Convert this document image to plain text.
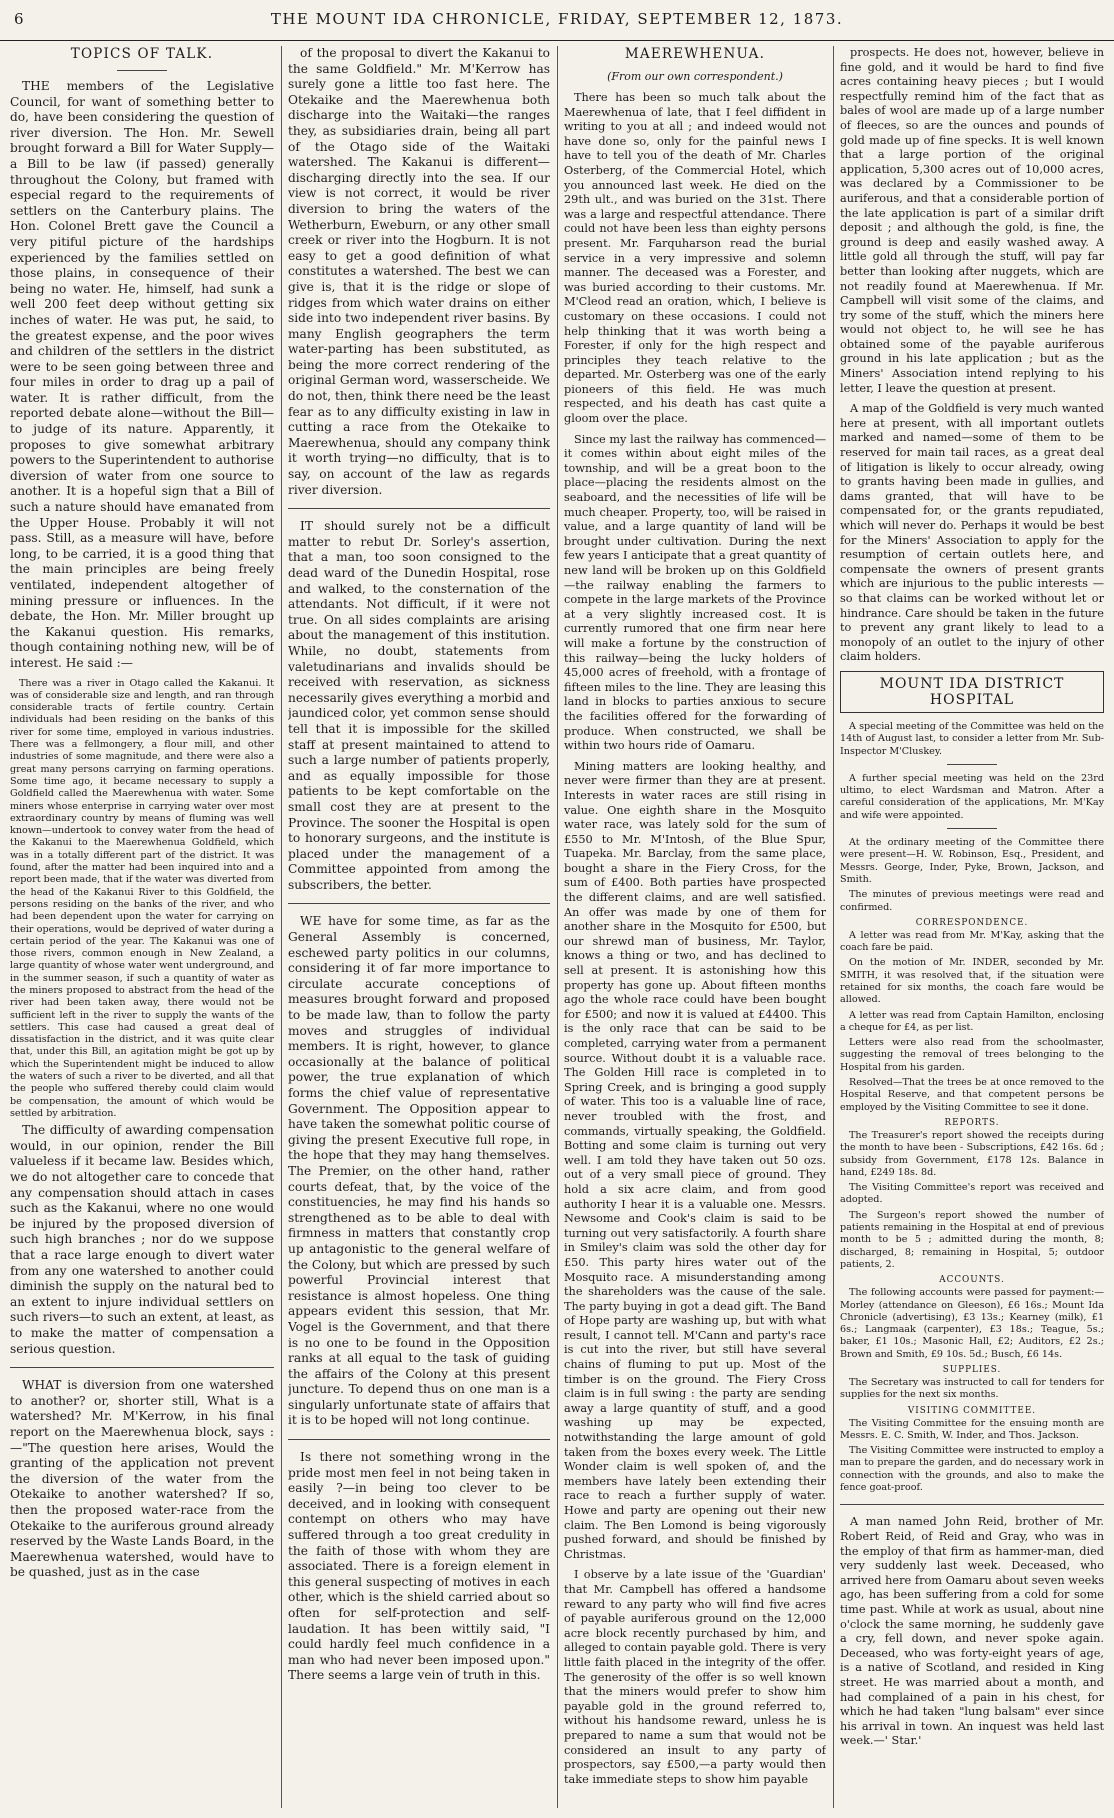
6	THE MOUNT IDA CHRONICLE, FRIDAY, SEPTEMBER 12, 1873.
TOPICS OF TALK.

THE members of the Legislative Council, for want of something better to do, have been considering the question of river diversion. The Hon. Mr. Sewell brought forward a Bill for Water Supply—a Bill to be law (if passed) generally throughout the Colony, but framed with especial regard to the requirements of settlers on the Canterbury plains. The Hon. Colonel Brett gave the Council a very pitiful picture of the hardships experienced by the families settled on those plains, in consequence of their being no water. He, himself, had sunk a well 200 feet deep without getting six inches of water. He was put, he said, to the greatest expense, and the poor wives and children of the settlers in the district were to be seen going between three and four miles in order to drag up a pail of water. It is rather difficult, from the reported debate alone—without the Bill—to judge of its nature. Apparently, it proposes to give somewhat arbitrary powers to the Superintendent to authorise diversion of water from one source to another. It is a hopeful sign that a Bill of such a nature should have emanated from the Upper House. Probably it will not pass. Still, as a measure will have, before long, to be carried, it is a good thing that the main principles are being freely ventilated, independent altogether of mining pressure or influences. In the debate, the Hon. Mr. Miller brought up the Kakanui question. His remarks, though containing nothing new, will be of interest. He said :—

There was a river in Otago called the Kakanui. It was of considerable size and length, and ran through considerable tracts of fertile country. Certain individuals had been residing on the banks of this river for some time, employed in various industries. There was a fellmongery, a flour mill, and other industries of some magnitude, and there were also a great many persons carrying on farming operations. Some time ago, it became necessary to supply a Goldfield called the Maerewhenua with water. Some miners whose enterprise in carrying water over most extraordinary country by means of fluming was well known—undertook to convey water from the head of the Kakanui to the Maerewhenua Goldfield, which was in a totally different part of the district. It was found, after the matter had been inquired into and a report been made, that if the water was diverted from the head of the Kakanui River to this Goldfield, the persons residing on the banks of the river, and who had been dependent upon the water for carrying on their operations, would be deprived of water during a certain period of the year. The Kakanui was one of those rivers, common enough in New Zealand, a large quantity of whose water went underground, and in the summer season, if such a quantity of water as the miners proposed to abstract from the head of the river had been taken away, there would not be sufficient left in the river to supply the wants of the settlers. This case had caused a great deal of dissatisfaction in the district, and it was quite clear that, under this Bill, an agitation might be got up by which the Superintendent might be induced to allow the waters of such a river to be diverted, and all that the people who suffered thereby could claim would be compensation, the amount of which would be settled by arbitration.

The difficulty of awarding compensation would, in our opinion, render the Bill valueless if it became law. Besides which, we do not altogether care to concede that any compensation should attach in cases such as the Kakanui, where no one would be injured by the proposed diversion of such high branches ; nor do we suppose that a race large enough to divert water from any one watershed to another could diminish the supply on the natural bed to an extent to injure individual settlers on such rivers—to such an extent, at least, as to make the matter of compensation a serious question.

WHAT is diversion from one watershed to another? or, shorter still, What is a watershed? Mr. M'Kerrow, in his final report on the Maerewhenua block, says :—"The question here arises, Would the granting of the application not prevent the diversion of the water from the Otekaike to another watershed? If so, then the proposed water-race from the Otekaike to the auriferous ground already reserved by the Waste Lands Board, in the Maerewhenua watershed, would have to be quashed, just as in the case

of the proposal to divert the Kakanui to the same Goldfield." Mr. M'Kerrow has surely gone a little too fast here. The Otekaike and the Maerewhenua both discharge into the Waitaki—the ranges they, as subsidiaries drain, being all part of the Otago side of the Waitaki watershed. The Kakanui is different—discharging directly into the sea. If our view is not correct, it would be river diversion to bring the waters of the Wetherburn, Eweburn, or any other small creek or river into the Hogburn. It is not easy to get a good definition of what constitutes a watershed. The best we can give is, that it is the ridge or slope of ridges from which water drains on either side into two independent river basins. By many English geographers the term water-parting has been substituted, as being the more correct rendering of the original German word, wasserscheide. We do not, then, think there need be the least fear as to any difficulty existing in law in cutting a race from the Otekaike to Maerewhenua, should any company think it worth trying—no difficulty, that is to say, on account of the law as regards river diversion.

IT should surely not be a difficult matter to rebut Dr. Sorley's assertion, that a man, too soon consigned to the dead ward of the Dunedin Hospital, rose and walked, to the consternation of the attendants. Not difficult, if it were not true. On all sides complaints are arising about the management of this institution. While, no doubt, statements from valetudinarians and invalids should be received with reservation, as sickness necessarily gives everything a morbid and jaundiced color, yet common sense should tell that it is impossible for the skilled staff at present maintained to attend to such a large number of patients properly, and as equally impossible for those patients to be kept comfortable on the small cost they are at present to the Province. The sooner the Hospital is open to honorary surgeons, and the institute is placed under the management of a Committee appointed from among the subscribers, the better.

WE have for some time, as far as the General Assembly is concerned, eschewed party politics in our columns, considering it of far more importance to circulate accurate conceptions of measures brought forward and proposed to be made law, than to follow the party moves and struggles of individual members. It is right, however, to glance occasionally at the balance of political power, the true explanation of which forms the chief value of representative Government. The Opposition appear to have taken the somewhat politic course of giving the present Executive full rope, in the hope that they may hang themselves. The Premier, on the other hand, rather courts defeat, that, by the voice of the constituencies, he may find his hands so strengthened as to be able to deal with firmness in matters that constantly crop up antagonistic to the general welfare of the Colony, but which are pressed by such powerful Provincial interest that resistance is almost hopeless. One thing appears evident this session, that Mr. Vogel is the Government, and that there is no one to be found in the Opposition ranks at all equal to the task of guiding the affairs of the Colony at this present juncture. To depend thus on one man is a singularly unfortunate state of affairs that it is to be hoped will not long continue.

Is there not something wrong in the pride most men feel in not being taken in easily ?—in being too clever to be deceived, and in looking with consequent contempt on others who may have suffered through a too great credulity in the faith of those with whom they are associated. There is a foreign element in this general suspecting of motives in each other, which is the shield carried about so often for self-protection and self-laudation. It has been wittily said, "I could hardly feel much confidence in a man who had never been imposed upon." There seems a large vein of truth in this.

MAEREWHENUA.
(From our own correspondent.)

There has been so much talk about the Maerewhenua of late, that I feel diffident in writing to you at all ; and indeed would not have done so, only for the painful news I have to tell you of the death of Mr. Charles Osterberg, of the Commercial Hotel, which you announced last week. He died on the 29th ult., and was buried on the 31st. There was a large and respectful attendance. There could not have been less than eighty persons present. Mr. Farquharson read the burial service in a very impressive and solemn manner. The deceased was a Forester, and was buried according to their customs. Mr. M'Cleod read an oration, which, I believe is customary on these occasions. I could not help thinking that it was worth being a Forester, if only for the high respect and principles they teach relative to the departed. Mr. Osterberg was one of the early pioneers of this field. He was much respected, and his death has cast quite a gloom over the place.

Since my last the railway has commenced—it comes within about eight miles of the township, and will be a great boon to the place—placing the residents almost on the seaboard, and the necessities of life will be much cheaper. Property, too, will be raised in value, and a large quantity of land will be brought under cultivation. During the next few years I anticipate that a great quantity of new land will be broken up on this Goldfield—the railway enabling the farmers to compete in the large markets of the Province at a very slightly increased cost. It is currently rumored that one firm near here will make a fortune by the construction of this railway—being the lucky holders of 45,000 acres of freehold, with a frontage of fifteen miles to the line. They are leasing this land in blocks to parties anxious to secure the facilities offered for the forwarding of produce. When constructed, we shall be within two hours ride of Oamaru.

Mining matters are looking healthy, and never were firmer than they are at present. Interests in water races are still rising in value. One eighth share in the Mosquito water race, was lately sold for the sum of £550 to Mr. M'Intosh, of the Blue Spur, Tuapeka. Mr. Barclay, from the same place, bought a share in the Fiery Cross, for the sum of £400. Both parties have prospected the different claims, and are well satisfied. An offer was made by one of them for another share in the Mosquito for £500, but our shrewd man of business, Mr. Taylor, knows a thing or two, and has declined to sell at present. It is astonishing how this property has gone up. About fifteen months ago the whole race could have been bought for £500; and now it is valued at £4400. This is the only race that can be said to be completed, carrying water from a permanent source. Without doubt it is a valuable race. The Golden Hill race is completed in to Spring Creek, and is bringing a good supply of water. This too is a valuable line of race, never troubled with the frost, and commands, virtually speaking, the Goldfield. Botting and some claim is turning out very well. I am told they have taken out 50 ozs. out of a very small piece of ground. They hold a six acre claim, and from good authority I hear it is a valuable one. Messrs. Newsome and Cook's claim is said to be turning out very satisfactorily. A fourth share in Smiley's claim was sold the other day for £50. This party hires water out of the Mosquito race. A misunderstanding among the shareholders was the cause of the sale. The party buying in got a dead gift. The Band of Hope party are washing up, but with what result, I cannot tell. M'Cann and party's race is cut into the river, but still have several chains of fluming to put up. Most of the timber is on the ground. The Fiery Cross claim is in full swing : the party are sending away a large quantity of stuff, and a good washing up may be expected, notwithstanding the large amount of gold taken from the boxes every week. The Little Wonder claim is well spoken of, and the members have lately been extending their race to reach a further supply of water. Howe and party are opening out their new claim. The Ben Lomond is being vigorously pushed forward, and should be finished by Christmas.

I observe by a late issue of the 'Guardian' that Mr. Campbell has offered a handsome reward to any party who will find five acres of payable auriferous ground on the 12,000 acre block recently purchased by him, and alleged to contain payable gold. There is very little faith placed in the integrity of the offer. The generosity of the offer is so well known that the miners would prefer to show him payable gold in the ground referred to, without his handsome reward, unless he is prepared to name a sum that would not be considered an insult to any party of prospectors, say £500,—a party would then take immediate steps to show him payable

prospects. He does not, however, believe in fine gold, and it would be hard to find five acres containing heavy pieces ; but I would respectfully remind him of the fact that as bales of wool are made up of a large number of fleeces, so are the ounces and pounds of gold made up of fine specks. It is well known that a large portion of the original application, 5,300 acres out of 10,000 acres, was declared by a Commissioner to be auriferous, and that a considerable portion of the late application is part of a similar drift deposit ; and although the gold, is fine, the ground is deep and easily washed away. A little gold all through the stuff, will pay far better than looking after nuggets, which are not readily found at Maerewhenua. If Mr. Campbell will visit some of the claims, and try some of the stuff, which the miners here would not object to, he will see he has obtained some of the payable auriferous ground in his late application ; but as the Miners' Association intend replying to his letter, I leave the question at present.

A map of the Goldfield is very much wanted here at present, with all important outlets marked and named—some of them to be reserved for main tail races, as a great deal of litigation is likely to occur already, owing to grants having been made in gullies, and dams granted, that will have to be compensated for, or the grants repudiated, which will never do. Perhaps it would be best for the Miners' Association to apply for the resumption of certain outlets here, and compensate the owners of present grants which are injurious to the public interests — so that claims can be worked without let or hindrance. Care should be taken in the future to prevent any grant likely to lead to a monopoly of an outlet to the injury of other claim holders.

MOUNT IDA DISTRICT HOSPITAL

A special meeting of the Committee was held on the 14th of August last, to consider a letter from Mr. Sub-Inspector M'Cluskey.

A further special meeting was held on the 23rd ultimo, to elect Wardsman and Matron. After a careful consideration of the applications, Mr. M'Kay and wife were appointed.

At the ordinary meeting of the Committee there were present—H. W. Robinson, Esq., President, and Messrs. George, Inder, Pyke, Brown, Jackson, and Smith.

The minutes of previous meetings were read and confirmed.

CORRESPONDENCE.

A letter was read from Mr. M'Kay, asking that the coach fare be paid.

On the motion of Mr. INDER, seconded by Mr. SMITH, it was resolved that, if the situation were retained for six months, the coach fare would be allowed.

A letter was read from Captain Hamilton, enclosing a cheque for £4, as per list.

Letters were also read from the schoolmaster, suggesting the removal of trees belonging to the Hospital from his garden.

Resolved—That the trees be at once removed to the Hospital Reserve, and that competent persons be employed by the Visiting Committee to see it done.

REPORTS.

The Treasurer's report showed the receipts during the month to have been - Subscriptions, £42 16s. 6d ; subsidy from Government, £178 12s. Balance in hand, £249 18s. 8d.

The Visiting Committee's report was received and adopted.

The Surgeon's report showed the number of patients remaining in the Hospital at end of previous month to be 5 ; admitted during the month, 8; discharged, 8; remaining in Hospital, 5; outdoor patients, 2.

ACCOUNTS.

The following accounts were passed for payment:—Morley (attendance on Gleeson), £6 16s.; Mount Ida Chronicle (advertising), £3 13s.; Kearney (milk), £1 6s.; Langmaak (carpenter), £3 18s.; Teague, 5s.; baker, £1 10s.; Masonic Hall, £2; Auditors, £2 2s.; Brown and Smith, £9 10s. 5d.; Busch, £6 14s.

SUPPLIES.

The Secretary was instructed to call for tenders for supplies for the next six months.

VISITING COMMITTEE.

The Visiting Committee for the ensuing month are Messrs. E. C. Smith, W. Inder, and Thos. Jackson.

The Visiting Committee were instructed to employ a man to prepare the garden, and do necessary work in connection with the grounds, and also to make the fence goat-proof.

A man named John Reid, brother of Mr. Robert Reid, of Reid and Gray, who was in the employ of that firm as hammer-man, died very suddenly last week. Deceased, who arrived here from Oamaru about seven weeks ago, has been suffering from a cold for some time past. While at work as usual, about nine o'clock the same morning, he suddenly gave a cry, fell down, and never spoke again. Deceased, who was forty-eight years of age, is a native of Scotland, and resided in King street. He was married about a month, and had complained of a pain in his chest, for which he had taken "lung balsam" ever since his arrival in town. An inquest was held last week.—' Star.'
